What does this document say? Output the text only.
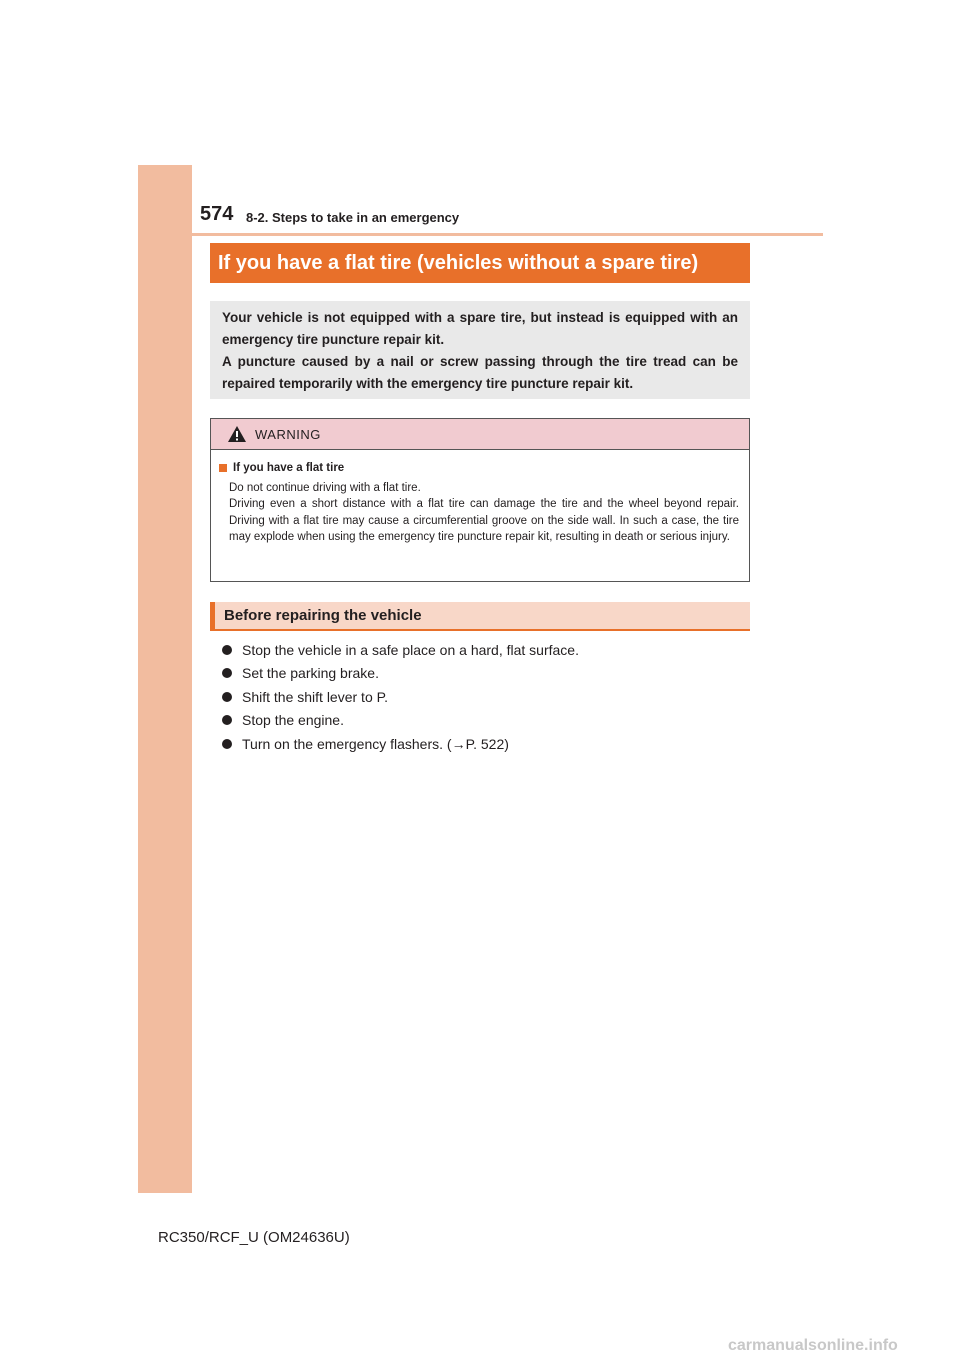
574 8-2. Steps to take in an emergency
If you have a flat tire (vehicles without a spare tire)

Your vehicle is not equipped with a spare tire, but instead is equipped with an emergency tire puncture repair kit.

A puncture caused by a nail or screw passing through the tire tread can be repaired temporarily with the emergency tire puncture repair kit.

WARNING
If you have a flat tire

Do not continue driving with a flat tire.

Driving even a short distance with a flat tire can damage the tire and the wheel beyond repair. Driving with a flat tire may cause a circumferential groove on the side wall. In such a case, the tire may explode when using the emergency tire puncture repair kit, resulting in death or serious injury.

Before repairing the vehicle
Stop the vehicle in a safe place on a hard, flat surface.
Set the parking brake.
Shift the shift lever to P.
Stop the engine.
Turn on the emergency flashers. (→P. 522)
RC350/RCF_U (OM24636U)
carmanualsonline.info
